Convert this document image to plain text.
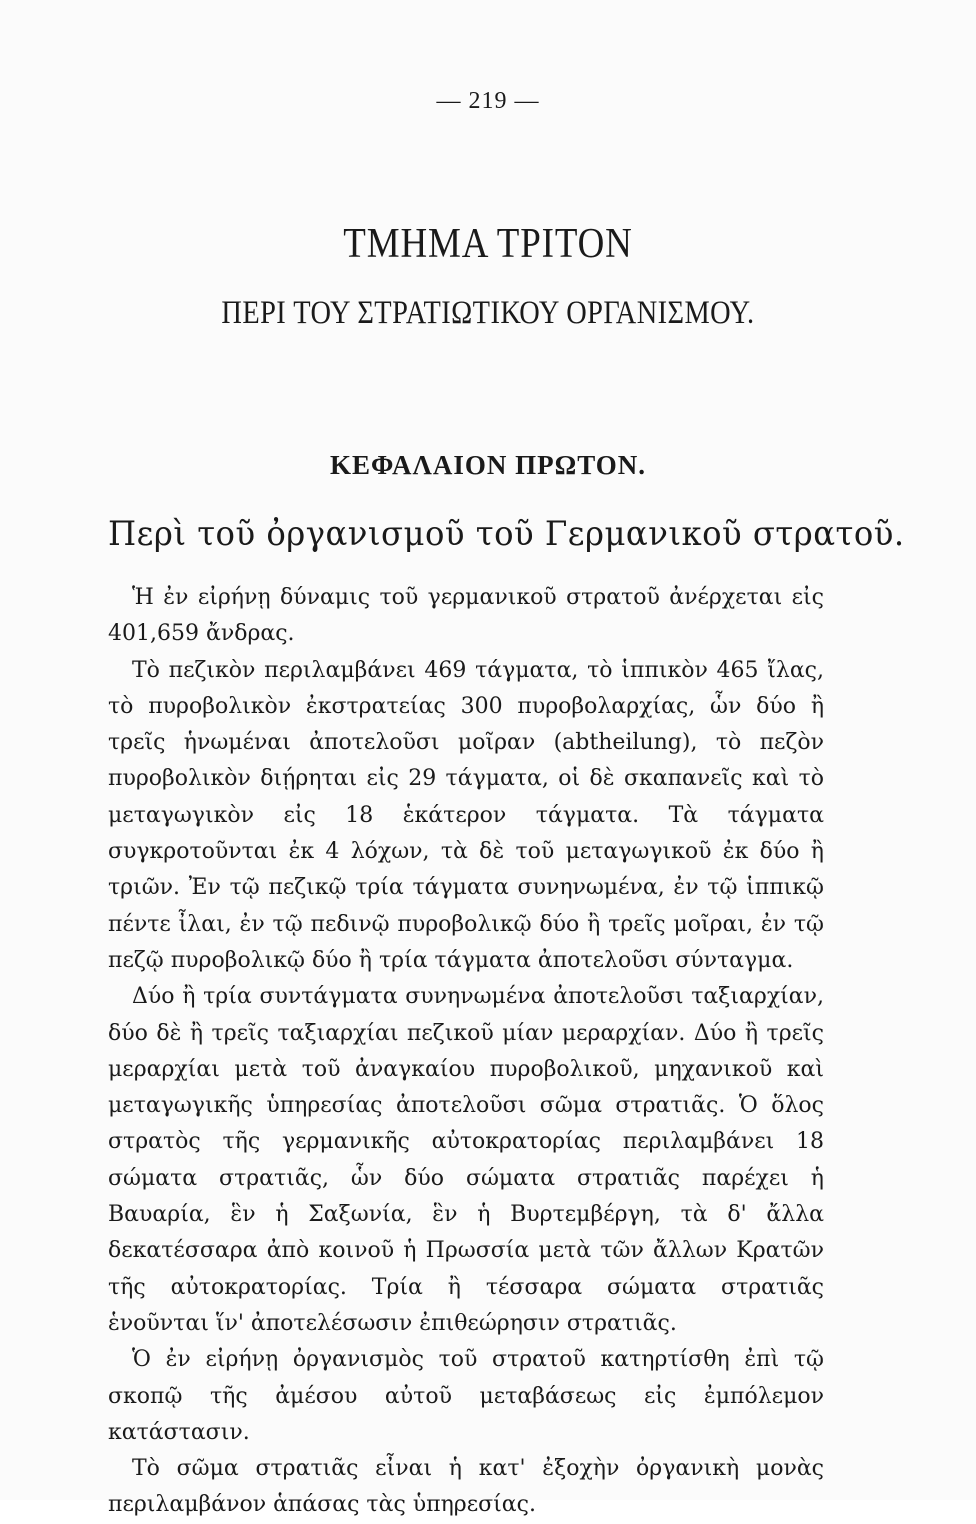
— 219 —
ΤΜΗΜΑ ΤΡΙΤΟΝ
ΠΕΡΙ ΤΟΥ ΣΤΡΑΤΙΩΤΙΚΟΥ ΟΡΓΑΝΙΣΜΟΥ.
ΚΕΦΑΛΑΙΟΝ ΠΡΩΤΟΝ.
Περὶ τοῦ ὀργανισμοῦ τοῦ Γερμανικοῦ στρατοῦ.

Ἡ ἐν εἰρήνῃ δύναμις τοῦ γερμανικοῦ στρατοῦ ἀνέρχεται εἰς 401,659 ἄνδρας.

Τὸ πεζικὸν περιλαμβάνει 469 τάγματα, τὸ ἱππικὸν 465 ἴλας, τὸ πυροβολικὸν ἐκστρατείας 300 πυροβολαρχίας, ὧν δύο ἢ τρεῖς ἡνωμέναι ἀποτελοῦσι μοῖραν (abtheilung), τὸ πεζὸν πυροβολικὸν διῄρηται εἰς 29 τάγματα, οἱ δὲ σκαπανεῖς καὶ τὸ μεταγωγικὸν εἰς 18 ἑκάτερον τάγματα. Τὰ τάγματα συγκροτοῦνται ἐκ 4 λόχων, τὰ δὲ τοῦ μεταγωγικοῦ ἐκ δύο ἢ τριῶν. Ἐν τῷ πεζικῷ τρία τάγματα συνηνωμένα, ἐν τῷ ἱππικῷ πέντε ἶλαι, ἐν τῷ πεδινῷ πυροβολικῷ δύο ἢ τρεῖς μοῖραι, ἐν τῷ πεζῷ πυροβολικῷ δύο ἢ τρία τάγματα ἀποτελοῦσι σύνταγμα.

Δύο ἢ τρία συντάγματα συνηνωμένα ἀποτελοῦσι ταξιαρχίαν, δύο δὲ ἢ τρεῖς ταξιαρχίαι πεζικοῦ μίαν μεραρχίαν. Δύο ἢ τρεῖς μεραρχίαι μετὰ τοῦ ἀναγκαίου πυροβολικοῦ, μηχανικοῦ καὶ μεταγωγικῆς ὑπηρεσίας ἀποτελοῦσι σῶμα στρατιᾶς. Ὁ ὅλος στρατὸς τῆς γερμανικῆς αὐτοκρατορίας περιλαμβάνει 18 σώματα στρατιᾶς, ὧν δύο σώματα στρατιᾶς παρέχει ἡ Βαυαρία, ἓν ἡ Σαξωνία, ἓν ἡ Βυρτεμβέργη, τὰ δ' ἄλλα δεκατέσσαρα ἀπὸ κοινοῦ ἡ Πρωσσία μετὰ τῶν ἄλλων Κρατῶν τῆς αὐτοκρατορίας. Τρία ἢ τέσσαρα σώματα στρατιᾶς ἑνοῦνται ἵν' ἀποτελέσωσιν ἐπιθεώρησιν στρατιᾶς.

Ὁ ἐν εἰρήνῃ ὀργανισμὸς τοῦ στρατοῦ κατηρτίσθη ἐπὶ τῷ σκοπῷ τῆς ἀμέσου αὐτοῦ μεταβάσεως εἰς ἐμπόλεμον κατάστασιν.

Τὸ σῶμα στρατιᾶς εἶναι ἡ κατ' ἐξοχὴν ὀργανικὴ μονὰς περιλαμβάνον ἁπάσας τὰς ὑπηρεσίας.
